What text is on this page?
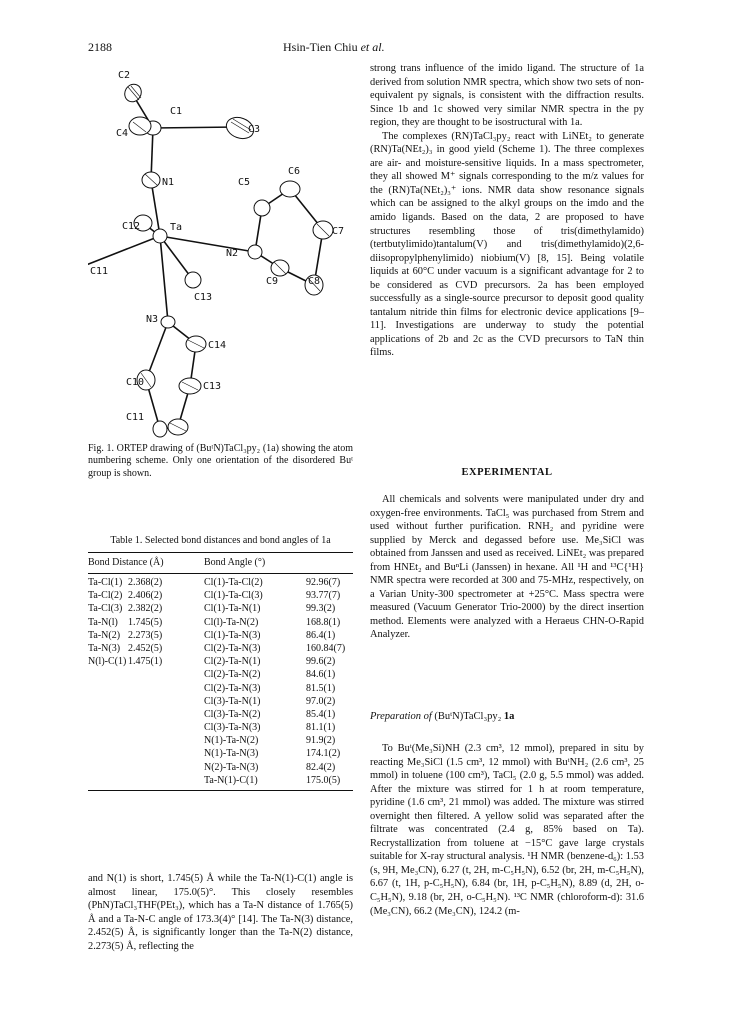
2188	Hsin-Tien Chiu et al.
C2
C1
C4	C3
N1	C5
C6
C12	Ta	C7
N2
C11
C9	C8
C13
N3
C14
C10	C13
C11
Fig. 1. ORTEP drawing of (BuᵗN)TaCl₃py₂ (1a) showing the atom numbering scheme. Only one orientation of the disordered Buᵗ group is shown.
Table 1. Selected bond distances and bond angles of 1a
Bond Distance (Å)		Bond Angle (°)	
Ta-Cl(1)	2.368(2)	Cl(1)-Ta-Cl(2)	92.96(7)
Ta-Cl(2)	2.406(2)	Cl(1)-Ta-Cl(3)	93.77(7)
Ta-Cl(3)	2.382(2)	Cl(1)-Ta-N(1)	99.3(2)
Ta-N(l)	1.745(5)	Cl(l)-Ta-N(2)	168.8(1)
Ta-N(2)	2.273(5)	Cl(1)-Ta-N(3)	86.4(1)
Ta-N(3)	2.452(5)	Cl(2)-Ta-N(3)	160.84(7)
N(l)-C(1)	1.475(1)	Cl(2)-Ta-N(1)	99.6(2)
		Cl(2)-Ta-N(2)	84.6(1)
		Cl(2)-Ta-N(3)	81.5(1)
		Cl(3)-Ta-N(1)	97.0(2)
		Cl(3)-Ta-N(2)	85.4(1)
		Cl(3)-Ta-N(3)	81.1(1)
		N(1)-Ta-N(2)	91.9(2)
		N(1)-Ta-N(3)	174.1(2)
		N(2)-Ta-N(3)	82.4(2)
		Ta-N(1)-C(1)	175.0(5)
and N(1) is short, 1.745(5) Å while the Ta-N(1)-C(1) angle is almost linear, 175.0(5)°. This closely resembles (PhN)TaCl₃THF(PEt₃), which has a Ta-N distance of 1.765(5) Å and a Ta-N-C angle of 173.3(4)° [14]. The Ta-N(3) distance, 2.452(5) Å, is significantly longer than the Ta-N(2) distance, 2.273(5) Å, reflecting the

strong trans influence of the imido ligand. The structure of 1a derived from solution NMR spectra, which show two sets of non-equivalent py signals, is consistent with the diffraction results. Since 1b and 1c showed very similar NMR spectra in the py region, they are thought to be isostructural with 1a.

The complexes (RN)TaCl₃py₂ react with LiNEt₂ to generate (RN)Ta(NEt₂)₃ in good yield (Scheme 1). The three complexes are air- and moisture-sensitive liquids. In a mass spectrometer, they all showed M⁺ signals corresponding to the m/z values for the (RN)Ta(NEt₂)₃⁺ ions. NMR data show resonance signals which can be assigned to the alkyl groups on the imdo and the amido ligands. Based on the data, 2 are proposed to have structures resembling those of tris(dimethylamido)(tertbutylimido)tantalum(V) and tris(dimethylamido)(2,6-diisopropylphenylimido) niobium(V) [8, 15]. Being volatile liquids at 60°C under vacuum is a significant advantage for 2 to be considered as CVD precursors. 2a has been employed successfully as a single-source precursor to deposit good quality tantalum nitride thin films for electronic device applications [9–11]. Investigations are underway to study the potential applications of 2b and 2c as the CVD precursors to TaN thin films.

EXPERIMENTAL

All chemicals and solvents were manipulated under dry and oxygen-free environments. TaCl₅ was purchased from Strem and used without further purification. RNH₂ and pyridine were supplied by Merck and degassed before use. Me₃SiCl was obtained from Janssen and used as received. LiNEt₂ was prepared from HNEt₂ and BuⁿLi (Janssen) in hexane. All ¹H and ¹³C{¹H} NMR spectra were recorded at 300 and 75-MHz, respectively, on a Varian Unity-300 spectrometer at +25°C. Mass spectra were measured (Vacuum Generator Trio-2000) by the direct insertion method. Elements were analyzed with a Heraeus CHN-O-Rapid Analyzer.

Preparation of (BuᵗN)TaCl₃py₂ 1a

To Buᵗ(Me₃Si)NH (2.3 cm³, 12 mmol), prepared in situ by reacting Me₃SiCl (1.5 cm³, 12 mmol) with BuᵗNH₂ (2.6 cm³, 25 mmol) in toluene (100 cm³), TaCl₅ (2.0 g, 5.5 mmol) was added. After the mixture was stirred for 1 h at room temperature, pyridine (1.6 cm³, 21 mmol) was added. The mixture was stirred overnight then filtered. A yellow solid was separated after the filtrate was concentrated (2.4 g, 85% based on Ta). Recrystallization from toluene at −15°C gave large crystals suitable for X-ray structural analysis. ¹H NMR (benzene-d₆): 1.53 (s, 9H, Me₃CN), 6.27 (t, 2H, m-C₅H₅N), 6.52 (br, 2H, m-C₅H₅N), 6.67 (t, 1H, p-C₅H₅N), 6.84 (br, 1H, p-C₅H₅N), 8.89 (d, 2H, o-C₅H₅N), 9.18 (br, 2H, o-C₅H₅N). ¹³C NMR (chloroform-d): 31.6 (Me₃CN), 66.2 (Me₃CN), 124.2 (m-
